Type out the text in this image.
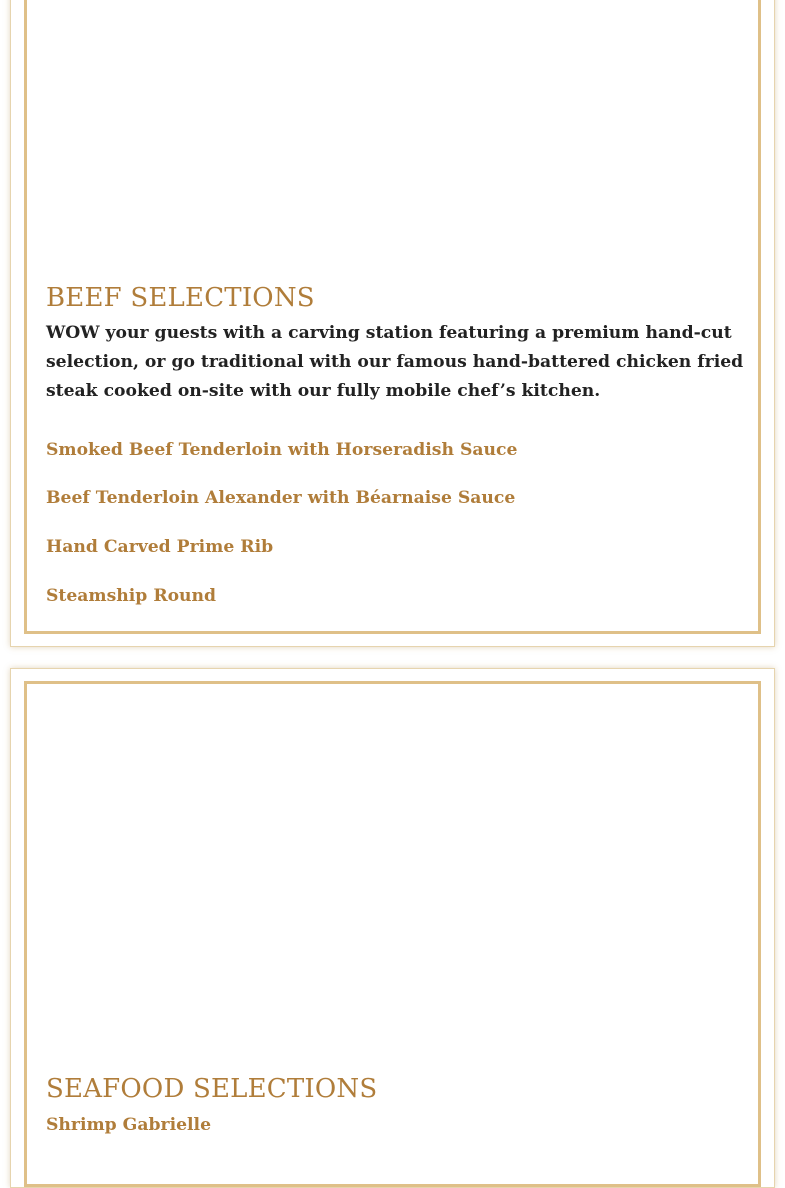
BEEF SELECTIONS

WOW your guests with a carving station featuring a premium hand-cut selection, or go traditional with our famous hand-battered chicken fried steak cooked on-site with our fully mobile chef’s kitchen.

Smoked Beef Tenderloin with Horseradish Sauce
Beef Tenderloin Alexander with Béarnaise Sauce
Hand Carved Prime Rib
Steamship Round
SEAFOOD SELECTIONS
Shrimp Gabrielle
